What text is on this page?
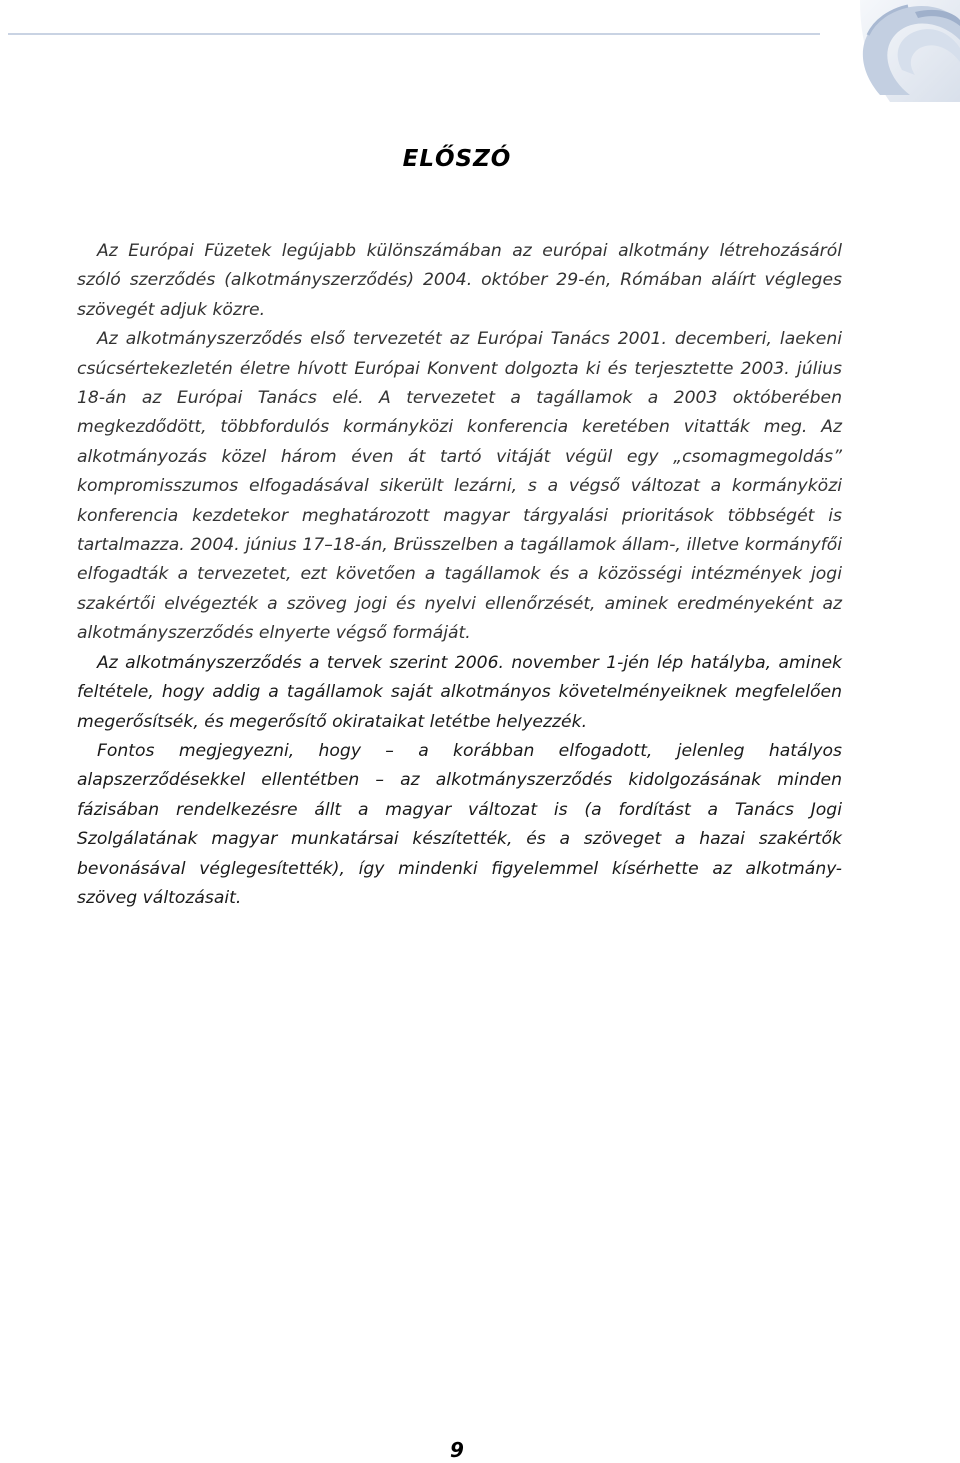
ELŐSZÓ

Az Európai Füzetek legújabb különszámában az európai alkotmány létrehozásáról szóló szerződés (alkotmányszerződés) 2004. október 29-én, Rómában aláírt végleges szövegét adjuk közre.

Az alkotmányszerződés első tervezetét az Európai Tanács 2001. decemberi, laekeni csúcsértekezletén életre hívott Európai Konvent dolgozta ki és terjesztette 2003. július 18-án az Európai Tanács elé. A tervezetet a tagállamok a 2003 októberében megkezdődött, többfordulós kormányközi konferencia keretében vitatták meg. Az alkotmányozás közel három éven át tartó vitáját végül egy „csomagmegoldás” kompromisszumos elfogadásával sikerült lezárni, s a végső változat a kormányközi konferencia kezdetekor meghatározott magyar tárgyalási prioritások többségét is tartalmazza. 2004. június 17–18-án, Brüsszelben a tagállamok állam-, illetve kormányfői elfogadták a tervezetet, ezt követően a tagállamok és a közösségi intézmények jogi szakértői elvégezték a szöveg jogi és nyelvi ellenőrzését, aminek eredményeként az alkotmányszerződés elnyerte végső formáját.

Az alkotmányszerződés a tervek szerint 2006. november 1-jén lép hatályba, aminek feltétele, hogy addig a tagállamok saját alkotmányos követelményeiknek megfelelően megerősítsék, és megerősítő okirataikat letétbe helyezzék.

Fontos megjegyezni, hogy – a korábban elfogadott, jelenleg hatályos alapszerződésekkel ellentétben – az alkotmányszerződés kidolgozásának minden fázisában rendelkezésre állt a magyar változat is (a fordítást a Tanács Jogi Szolgálatának magyar munkatársai készítették, és a szöveget a hazai szakértők bevonásával véglegesítették), így mindenki figyelemmel kísérhette az alkotmány-szöveg változásait.

9
